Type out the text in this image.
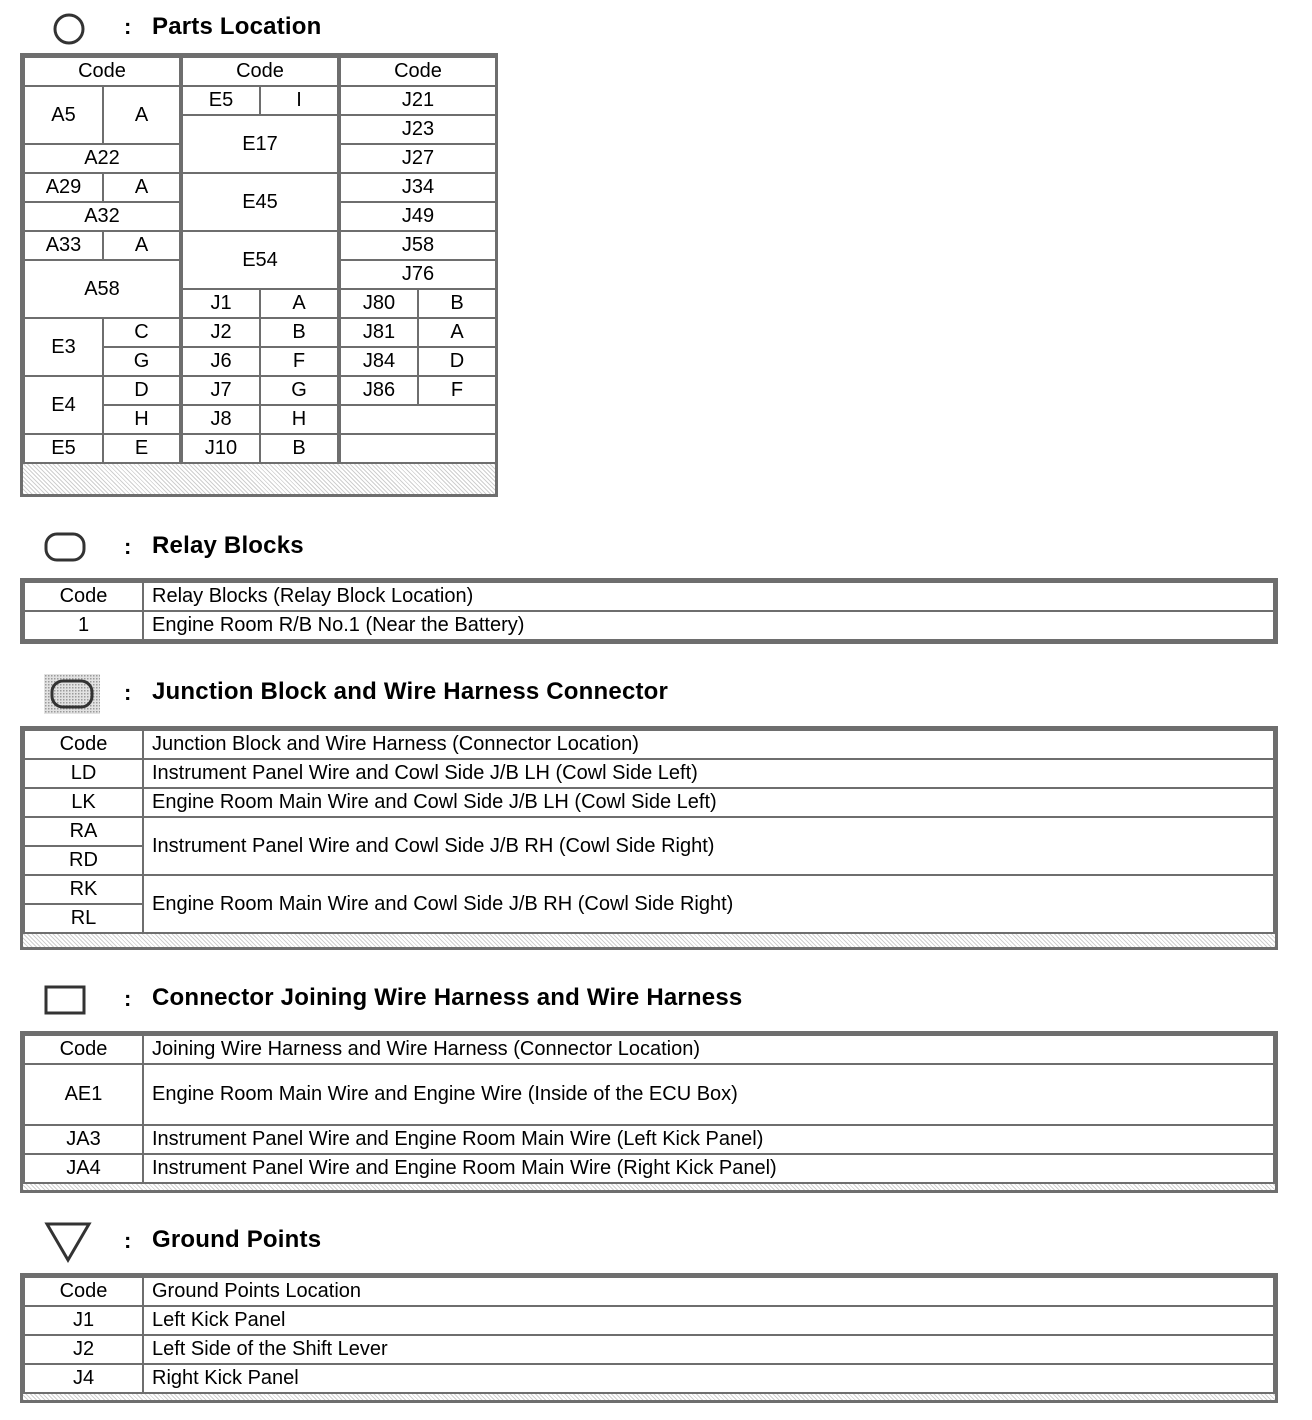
: Parts Location
Code		Code		Code	
A5	A	E5	I	J21	
		E17		J23	
A22				J27	
A29	A	E45		J34	
A32				J49	
A33	A	E54		J58	
A58				J76	
		J1	A	J80	B
E3	C	J2	B	J81	A
	G	J6	F	J84	D
E4	D	J7	G	J86	F
	H	J8	H		
E5	E	J10	B		
: Relay Blocks
Code	Relay Blocks (Relay Block Location)
1	Engine Room R/B No.1 (Near the Battery)
: Junction Block and Wire Harness Connector
Code	Junction Block and Wire Harness (Connector Location)
LD	Instrument Panel Wire and Cowl Side J/B LH (Cowl Side Left)
LK	Engine Room Main Wire and Cowl Side J/B LH (Cowl Side Left)
RA	Instrument Panel Wire and Cowl Side J/B RH (Cowl Side Right)
RD	
RK	Engine Room Main Wire and Cowl Side J/B RH (Cowl Side Right)
RL	
: Connector Joining Wire Harness and Wire Harness
Code	Joining Wire Harness and Wire Harness (Connector Location)
AE1	Engine Room Main Wire and Engine Wire (Inside of the ECU Box)
JA3	Instrument Panel Wire and Engine Room Main Wire (Left Kick Panel)
JA4	Instrument Panel Wire and Engine Room Main Wire (Right Kick Panel)
: Ground Points
Code	Ground Points Location
J1	Left Kick Panel
J2	Left Side of the Shift Lever
J4	Right Kick Panel
